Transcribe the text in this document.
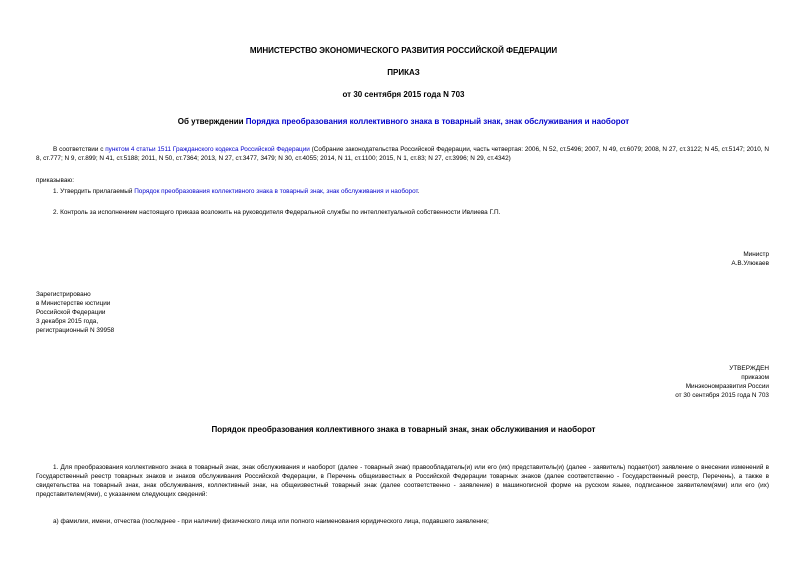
МИНИСТЕРСТВО ЭКОНОМИЧЕСКОГО РАЗВИТИЯ РОССИЙСКОЙ ФЕДЕРАЦИИ
ПРИКАЗ
от 30 сентября 2015 года N 703
Об утверждении Порядка преобразования коллективного знака в товарный знак, знак обслуживания и наоборот
В соответствии с пунктом 4 статьи 1511 Гражданского кодекса Российской Федерации (Собрание законодательства Российской Федерации, часть четвертая: 2006, N 52, ст.5496; 2007, N 49, ст.6079; 2008, N 27, ст.3122; N 45, ст.5147; 2010, N 8, ст.777; N 9, ст.899; N 41, ст.5188; 2011, N 50, ст.7364; 2013, N 27, ст.3477, 3479; N 30, ст.4055; 2014, N 11, ст.1100; 2015, N 1, ст.83; N 27, ст.3996; N 29, ст.4342)
приказываю:
1. Утвердить прилагаемый Порядок преобразования коллективного знака в товарный знак, знак обслуживания и наоборот.
2. Контроль за исполнением настоящего приказа возложить на руководителя Федеральной службы по интеллектуальной собственности Ивлиева Г.П.
Министр
А.В.Улюкаев
Зарегистрировано
в Министерстве юстиции
Российской Федерации
3 декабря 2015 года,
регистрационный N 39958
УТВЕРЖДЕН
приказом
Минэкономразвития России
от 30 сентября 2015 года N 703
Порядок преобразования коллективного знака в товарный знак, знак обслуживания и наоборот
1. Для преобразования коллективного знака в товарный знак, знак обслуживания и наоборот (далее - товарный знак) правообладатель(и) или его (их) представитель(и) (далее - заявитель) подает(ют) заявление о внесении изменений в Государственный реестр товарных знаков и знаков обслуживания Российской Федерации, в Перечень общеизвестных в Российской Федерации товарных знаков (далее соответственно - Государственный реестр, Перечень), а также в свидетельства на товарный знак, знак обслуживания, коллективный знак, на общеизвестный товарный знак (далее соответственно - заявление) в машинописной форме на русском языке, подписанное заявителем(ями) или его (их) представителем(ями), с указанием следующих сведений:
а) фамилии, имени, отчества (последнее - при наличии) физического лица или полного наименования юридического лица, подавшего заявление;
